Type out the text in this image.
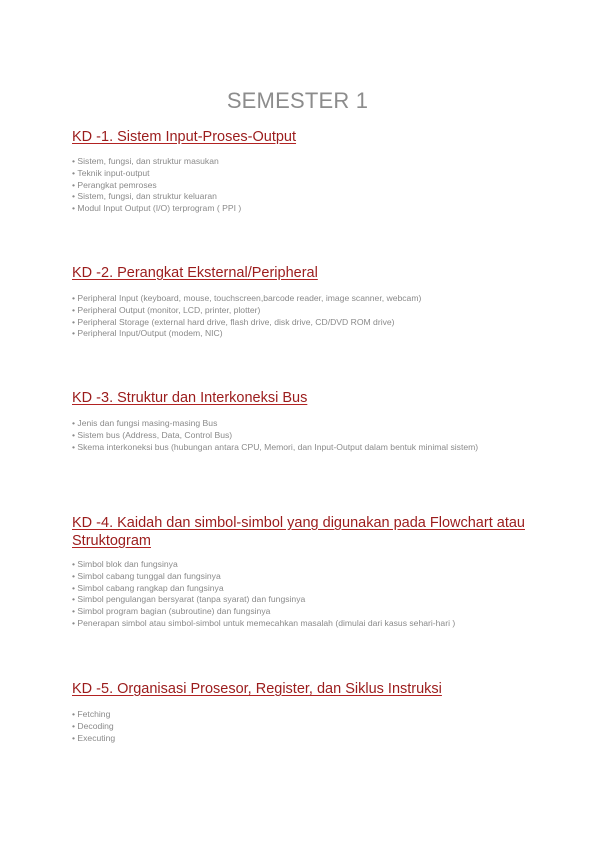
SEMESTER 1
KD -1. Sistem Input-Proses-Output
• Sistem, fungsi, dan struktur masukan
• Teknik input-output
• Perangkat pemroses
• Sistem, fungsi, dan struktur keluaran
• Modul Input Output (I/O) terprogram ( PPI )
KD -2. Perangkat Eksternal/Peripheral
• Peripheral Input (keyboard, mouse, touchscreen,barcode reader, image scanner, webcam)
• Peripheral Output (monitor, LCD, printer, plotter)
• Peripheral Storage (external hard drive, flash drive, disk drive, CD/DVD ROM drive)
• Peripheral Input/Output (modem, NIC)
KD -3. Struktur dan Interkoneksi Bus
• Jenis dan fungsi masing-masing Bus
• Sistem bus (Address, Data, Control Bus)
• Skema interkoneksi bus (hubungan antara CPU, Memori, dan Input-Output dalam bentuk minimal sistem)
KD -4. Kaidah dan simbol-simbol yang digunakan pada Flowchart atau Struktogram
• Simbol blok dan fungsinya
• Simbol cabang tunggal dan fungsinya
• Simbol cabang rangkap dan fungsinya
• Simbol pengulangan bersyarat (tanpa syarat) dan fungsinya
• Simbol program bagian (subroutine) dan fungsinya
• Penerapan simbol atau simbol-simbol untuk memecahkan masalah (dimulai dari kasus sehari-hari )
KD -5. Organisasi Prosesor, Register, dan Siklus Instruksi
• Fetching
• Decoding
• Executing
